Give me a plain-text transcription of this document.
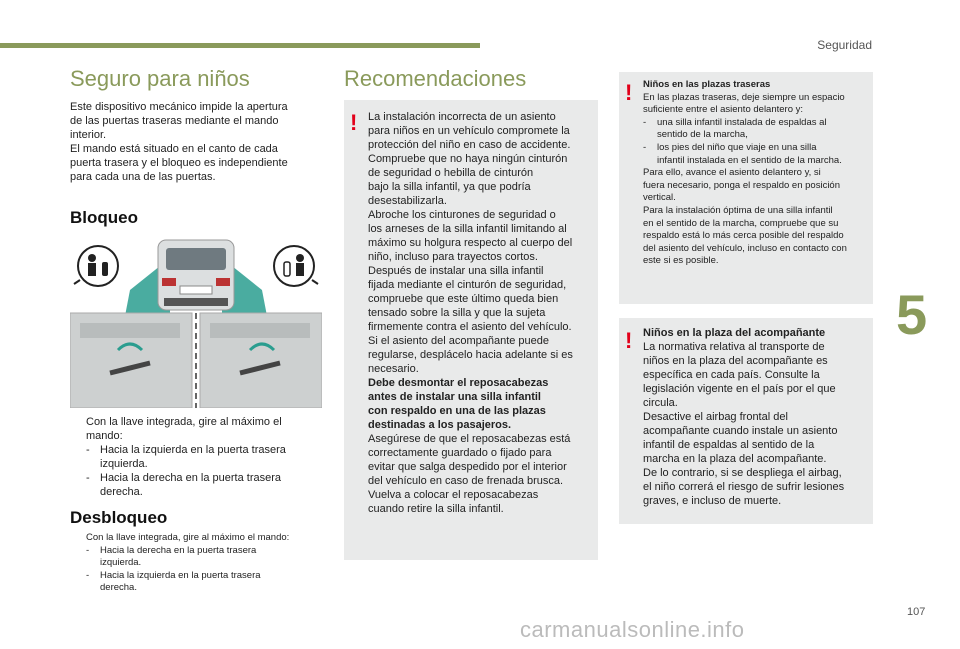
Seguridad
5
107
carmanualsonline.info
Seguro para niños

Este dispositivo mecánico impide la apertura
de las puertas traseras mediante el mando
interior.
El mando está situado en el canto de cada
puerta trasera y el bloqueo es independiente
para cada una de las puertas.

Bloqueo

Con la llave integrada, gire al máximo el
mando:

- Hacia la izquierda en la puerta trasera
izquierda.

- Hacia la derecha en la puerta trasera
derecha.

Desbloqueo

Con la llave integrada, gire al máximo el mando:

- Hacia la derecha en la puerta trasera
izquierda.

- Hacia la izquierda en la puerta trasera
derecha.

Recomendaciones
! La instalación incorrecta de un asiento
para niños en un vehículo compromete la
protección del niño en caso de accidente.
Compruebe que no haya ningún cinturón
de seguridad o hebilla de cinturón
bajo la silla infantil, ya que podría
desestabilizarla.
Abroche los cinturones de seguridad o
los arneses de la silla infantil limitando al
máximo su holgura respecto al cuerpo del
niño, incluso para trayectos cortos.
Después de instalar una silla infantil
fijada mediante el cinturón de seguridad,
compruebe que este último queda bien
tensado sobre la silla y que la sujeta
firmemente contra el asiento del vehículo.
Si el asiento del acompañante puede
regularse, desplácelo hacia adelante si es
necesario.

Debe desmontar el reposacabezas
antes de instalar una silla infantil
con respaldo en una de las plazas
destinadas a los pasajeros.

Asegúrese de que el reposacabezas está
correctamente guardado o fijado para
evitar que salga despedido por el interior
del vehículo en caso de frenada brusca.
Vuelva a colocar el reposacabezas
cuando retire la silla infantil.

! Niños en las plazas traseras

En las plazas traseras, deje siempre un espacio
suficiente entre el asiento delantero y:

- una silla infantil instalada de espaldas al
sentido de la marcha,

- los pies del niño que viaje en una silla
infantil instalada en el sentido de la marcha.

Para ello, avance el asiento delantero y, si
fuera necesario, ponga el respaldo en posición
vertical.
Para la instalación óptima de una silla infantil
en el sentido de la marcha, compruebe que su
respaldo está lo más cerca posible del respaldo
del asiento del vehículo, incluso en contacto con
este si es posible.

! Niños en la plaza del acompañante

La normativa relativa al transporte de
niños en la plaza del acompañante es
específica en cada país. Consulte la
legislación vigente en el país por el que
circula.
Desactive el airbag frontal del
acompañante cuando instale un asiento
infantil de espaldas al sentido de la
marcha en la plaza del acompañante.
De lo contrario, si se despliega el airbag,
el niño correrá el riesgo de sufrir lesiones
graves, e incluso de muerte.
